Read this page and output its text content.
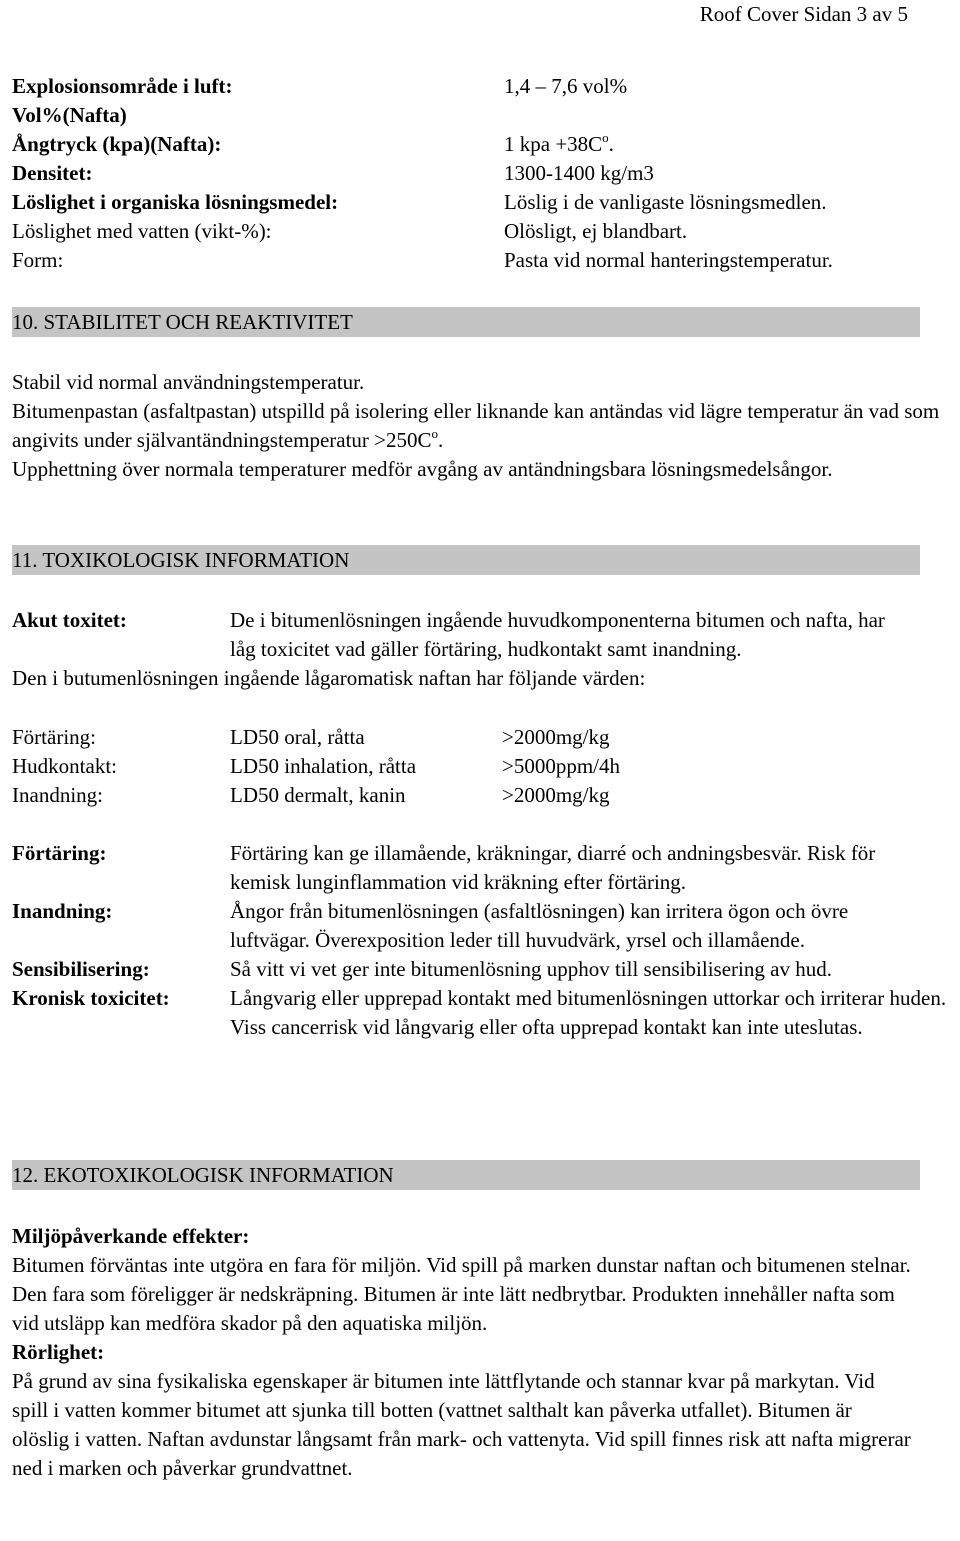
Roof Cover Sidan 3 av 5
Explosionsområde i luft:	1,4 – 7,6 vol%
Vol%(Nafta)
Ångtryck (kpa)(Nafta):	1 kpa $+38C^o$.
Densitet:	1300-1400 kg/m3
Löslighet i organiska lösningsmedel:	Löslig i de vanligaste lösningsmedlen.
Löslighet med vatten (vikt-%):	Olösligt, ej blandbart.
Form:	Pasta vid normal hanteringstemperatur.
10. STABILITET OCH REAKTIVITET

Stabil vid normal användningstemperatur.

Bitumenpastan (asfaltpastan) utspilld på isolering eller liknande kan antändas vid lägre temperatur än vad som angivits under självantändningstemperatur $>250C^o$.

Upphettning över normala temperaturer medför avgång av antändningsbara lösningsmedelsångor.

11. TOXIKOLOGISK INFORMATION
Akut toxitet:	De i bitumenlösningen ingående huvudkomponenterna bitumen och nafta, har låg toxicitet vad gäller förtäring, hudkontakt samt inandning.
Den i butumenlösningen ingående lågaromatisk naftan har följande värden:
Förtäring:	LD50 oral, råtta	>2000mg/kg
Hudkontakt:	LD50 inhalation, råtta	>5000ppm/4h
Inandning:	LD50 dermalt, kanin	>2000mg/kg
Förtäring:	Förtäring kan ge illamående, kräkningar, diarré och andningsbesvär. Risk för kemisk lunginflammation vid kräkning efter förtäring.
Inandning:	Ångor från bitumenlösningen (asfaltlösningen) kan irritera ögon och övre luftvägar. Överexposition leder till huvudvärk, yrsel och illamående.
Sensibilisering:	Så vitt vi vet ger inte bitumenlösning upphov till sensibilisering av hud.
Kronisk toxicitet:	Långvarig eller upprepad kontakt med bitumenlösningen uttorkar och irriterar huden. Viss cancerrisk vid långvarig eller ofta upprepad kontakt kan inte uteslutas.
12. EKOTOXIKOLOGISK INFORMATION
Miljöpåverkande effekter:

Bitumen förväntas inte utgöra en fara för miljön. Vid spill på marken dunstar naftan och bitumenen stelnar. Den fara som föreligger är nedskräpning. Bitumen är inte lätt nedbrytbar. Produkten innehåller nafta som vid utsläpp kan medföra skador på den aquatiska miljön.

Rörlighet:

På grund av sina fysikaliska egenskaper är bitumen inte lättflytande och stannar kvar på markytan. Vid spill i vatten kommer bitumet att sjunka till botten (vattnet salthalt kan påverka utfallet). Bitumen är olöslig i vatten. Naftan avdunstar långsamt från mark- och vattenyta. Vid spill finnes risk att nafta migrerar ned i marken och påverkar grundvattnet.
